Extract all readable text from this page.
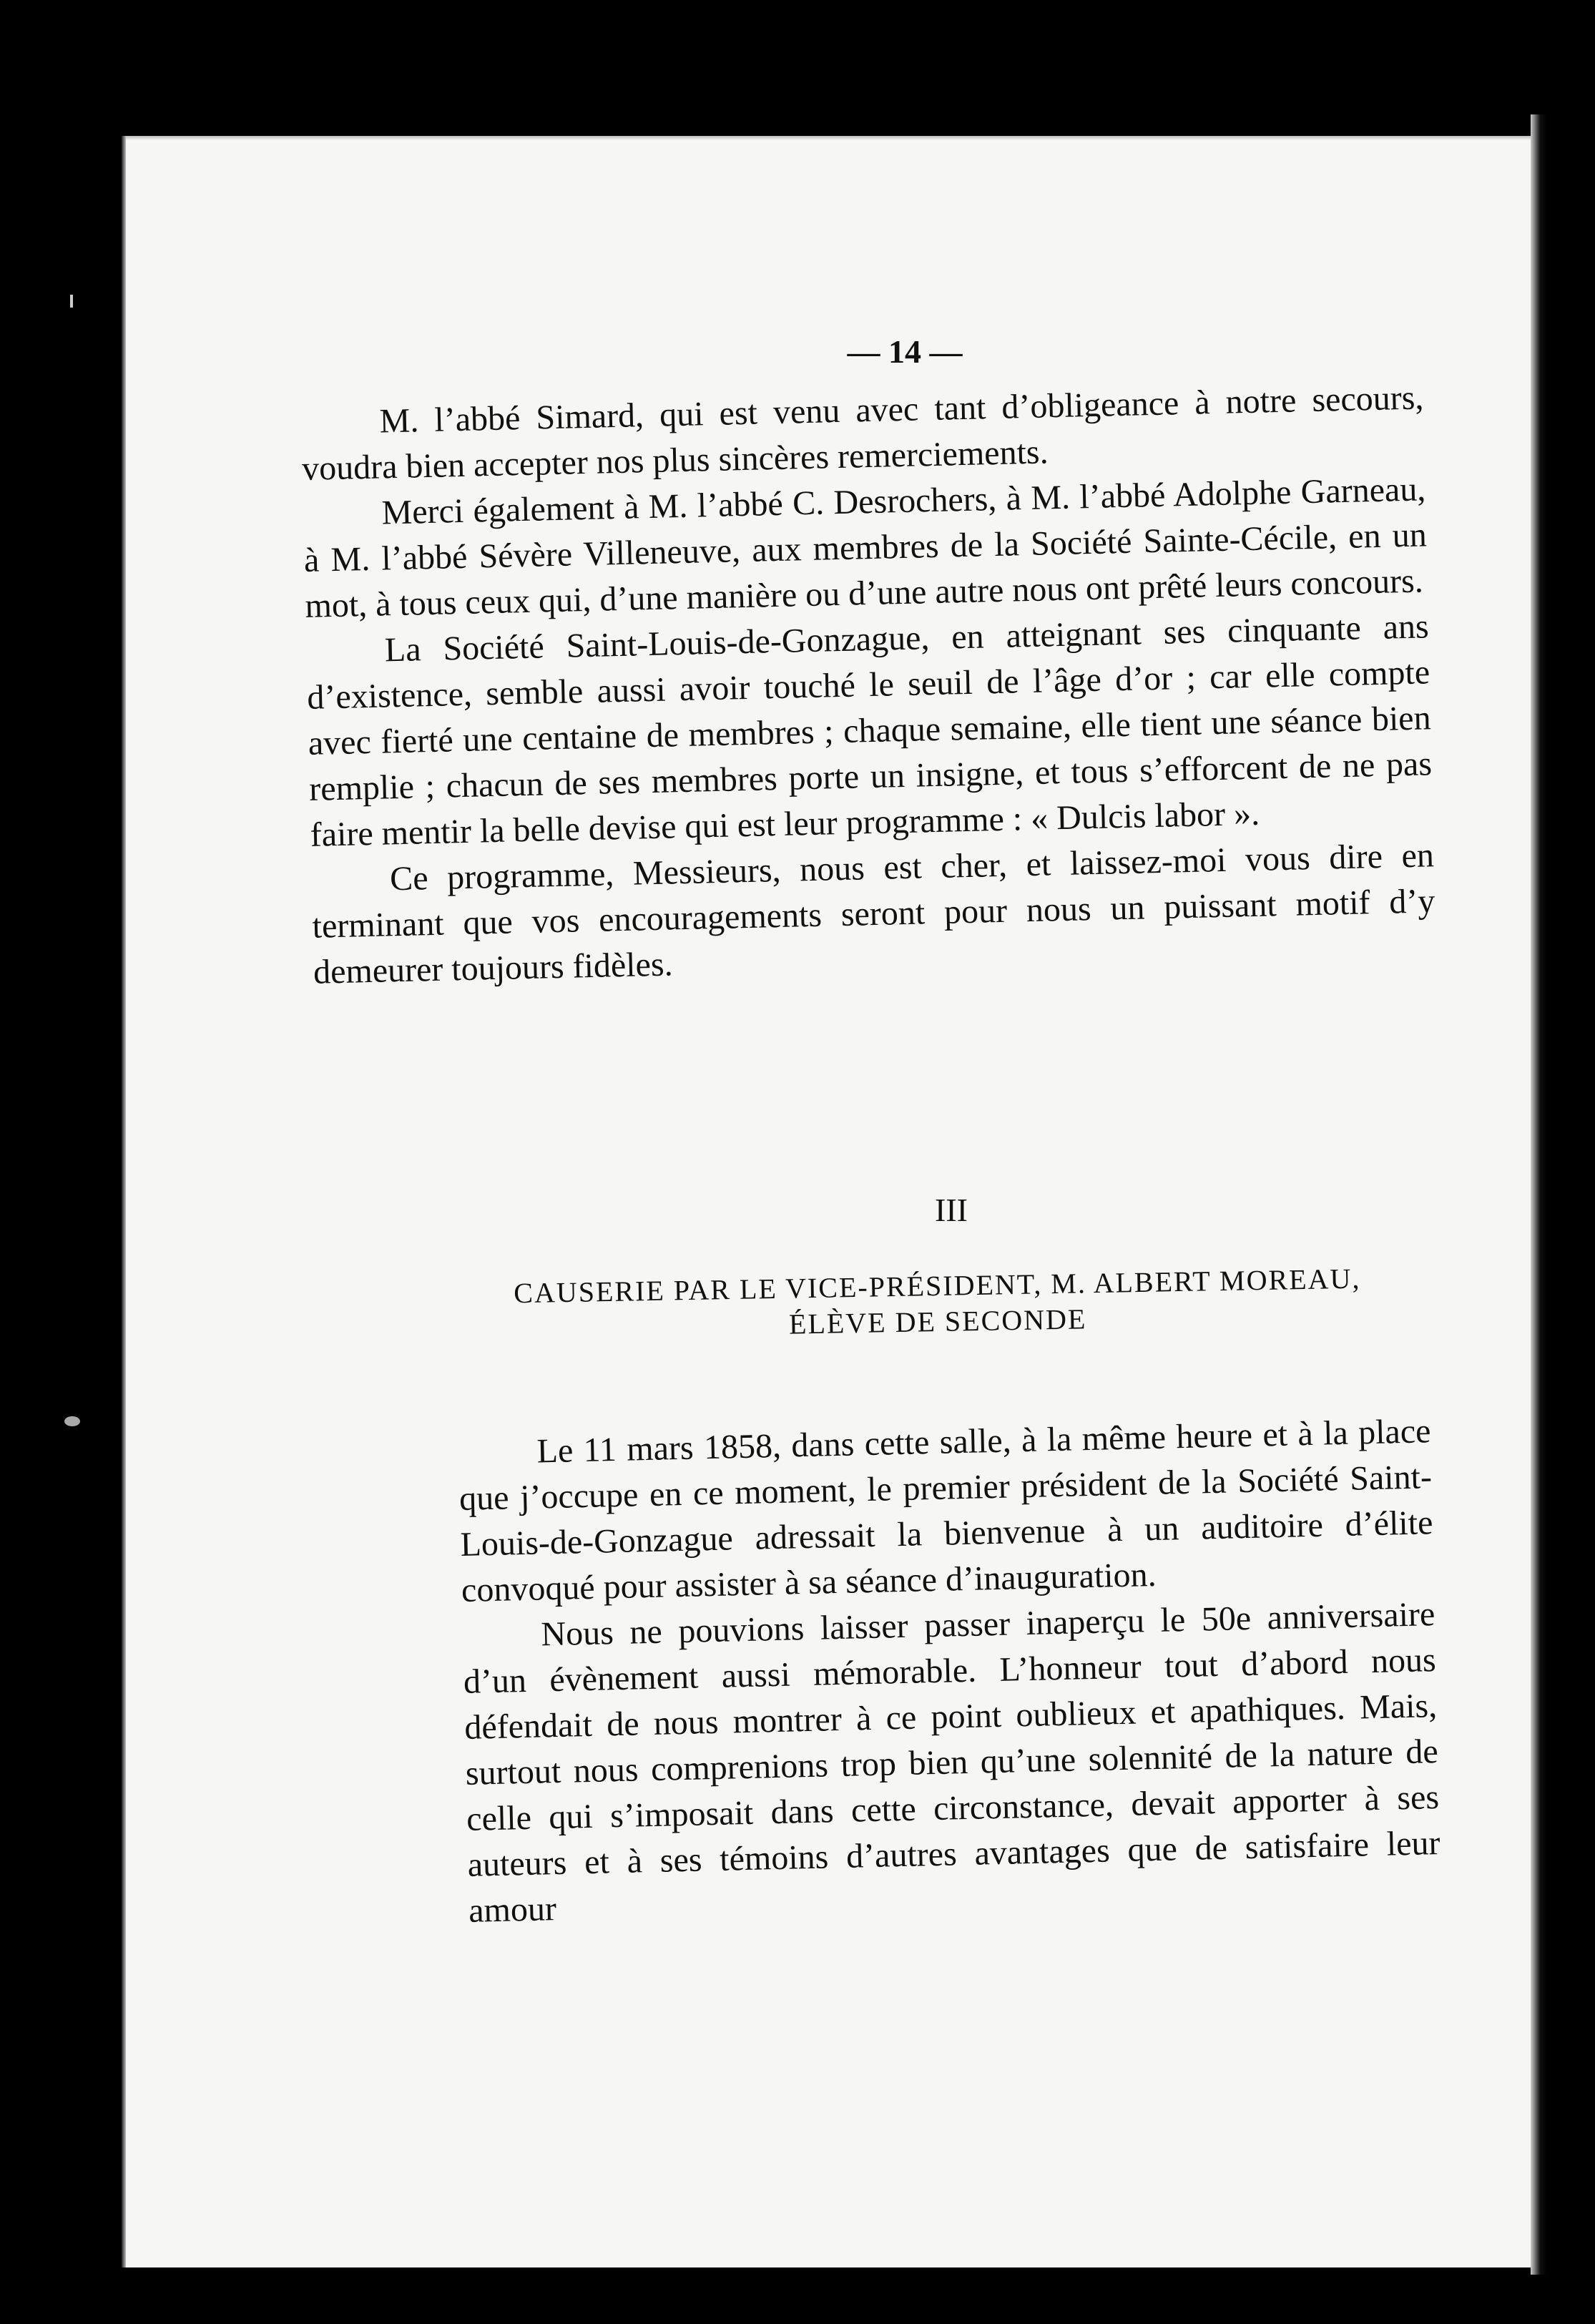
— 14 —

M. l’abbé Simard, qui est venu avec tant d’obligeance à notre secours, voudra bien accepter nos plus sincères remerciements.

Merci également à M. l’abbé C. Desrochers, à M. l’abbé Adolphe Garneau, à M. l’abbé Sévère Villeneuve, aux membres de la Société Sainte-Cécile, en un mot, à tous ceux qui, d’une manière ou d’une autre nous ont prêté leurs concours.

La Société Saint-Louis-de-Gonzague, en atteignant ses cinquante ans d’existence, semble aussi avoir touché le seuil de l’âge d’or ; car elle compte avec fierté une centaine de membres ; chaque semaine, elle tient une séance bien remplie ; chacun de ses membres porte un insigne, et tous s’efforcent de ne pas faire mentir la belle devise qui est leur programme : « Dulcis labor ».

Ce programme, Messieurs, nous est cher, et laissez-moi vous dire en terminant que vos encouragements seront pour nous un puissant motif d’y demeurer toujours fidèles.

III
CAUSERIE PAR LE VICE-PRÉSIDENT, M. ALBERT MOREAU,
ÉLÈVE DE SECONDE

Le 11 mars 1858, dans cette salle, à la même heure et à la place que j’occupe en ce moment, le premier président de la Société Saint-Louis-de-Gonzague adressait la bienvenue à un auditoire d’élite convoqué pour assister à sa séance d’inauguration.

Nous ne pouvions laisser passer inaperçu le 50e anniversaire d’un évènement aussi mémorable. L’honneur tout d’abord nous défendait de nous montrer à ce point oublieux et apathiques. Mais, surtout nous comprenions trop bien qu’une solennité de la nature de celle qui s’imposait dans cette circonstance, devait apporter à ses auteurs et à ses témoins d’autres avantages que de satisfaire leur amour
